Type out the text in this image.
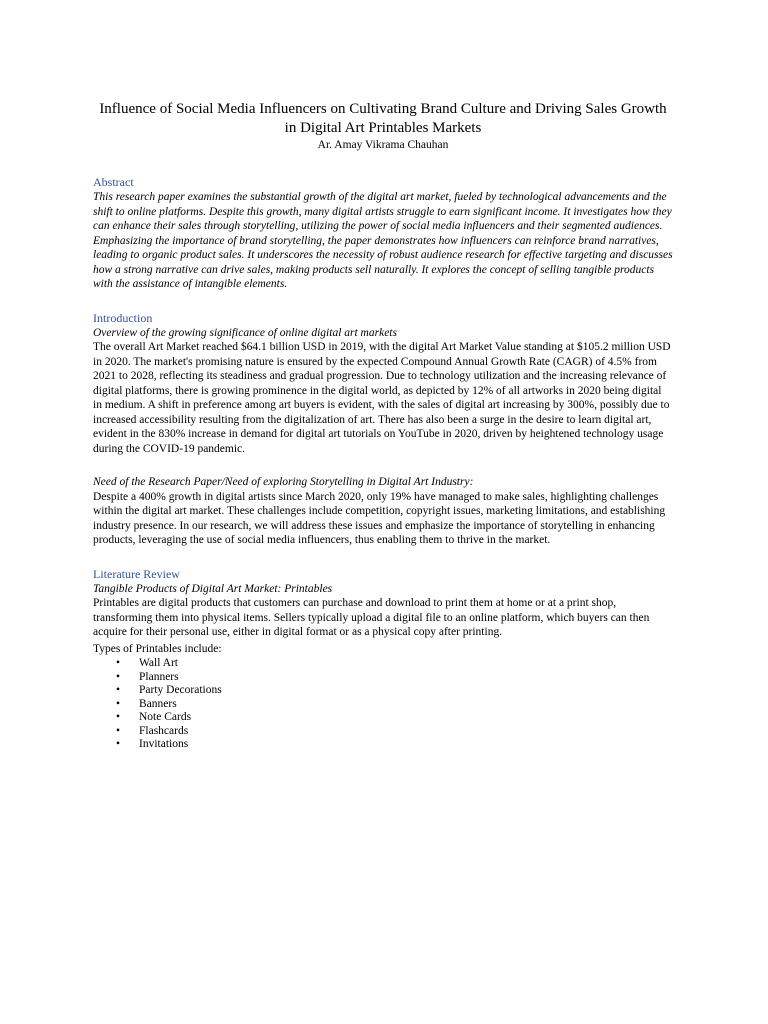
Influence of Social Media Influencers on Cultivating Brand Culture and Driving Sales Growth in Digital Art Printables Markets

Ar. Amay Vikrama Chauhan

Abstract

This research paper examines the substantial growth of the digital art market, fueled by technological advancements and the shift to online platforms. Despite this growth, many digital artists struggle to earn significant income. It investigates how they can enhance their sales through storytelling, utilizing the power of social media influencers and their segmented audiences. Emphasizing the importance of brand storytelling, the paper demonstrates how influencers can reinforce brand narratives, leading to organic product sales. It underscores the necessity of robust audience research for effective targeting and discusses how a strong narrative can drive sales, making products sell naturally. It explores the concept of selling tangible products with the assistance of intangible elements.

Introduction

Overview of the growing significance of online digital art markets

The overall Art Market reached $64.1 billion USD in 2019, with the digital Art Market Value standing at $105.2 million USD in 2020. The market's promising nature is ensured by the expected Compound Annual Growth Rate (CAGR) of 4.5% from 2021 to 2028, reflecting its steadiness and gradual progression. Due to technology utilization and the increasing relevance of digital platforms, there is growing prominence in the digital world, as depicted by 12% of all artworks in 2020 being digital in medium. A shift in preference among art buyers is evident, with the sales of digital art increasing by 300%, possibly due to increased accessibility resulting from the digitalization of art. There has also been a surge in the desire to learn digital art, evident in the 830% increase in demand for digital art tutorials on YouTube in 2020, driven by heightened technology usage during the COVID-19 pandemic.

Need of the Research Paper/Need of exploring Storytelling in Digital Art Industry:

Despite a 400% growth in digital artists since March 2020, only 19% have managed to make sales, highlighting challenges within the digital art market. These challenges include competition, copyright issues, marketing limitations, and establishing industry presence. In our research, we will address these issues and emphasize the importance of storytelling in enhancing products, leveraging the use of social media influencers, thus enabling them to thrive in the market.

Literature Review

Tangible Products of Digital Art Market: Printables

Printables are digital products that customers can purchase and download to print them at home or at a print shop, transforming them into physical items. Sellers typically upload a digital file to an online platform, which buyers can then acquire for their personal use, either in digital format or as a physical copy after printing.

Types of Printables include:

• Wall Art
• Planners
• Party Decorations
• Banners
• Note Cards
• Flashcards
• Invitations
